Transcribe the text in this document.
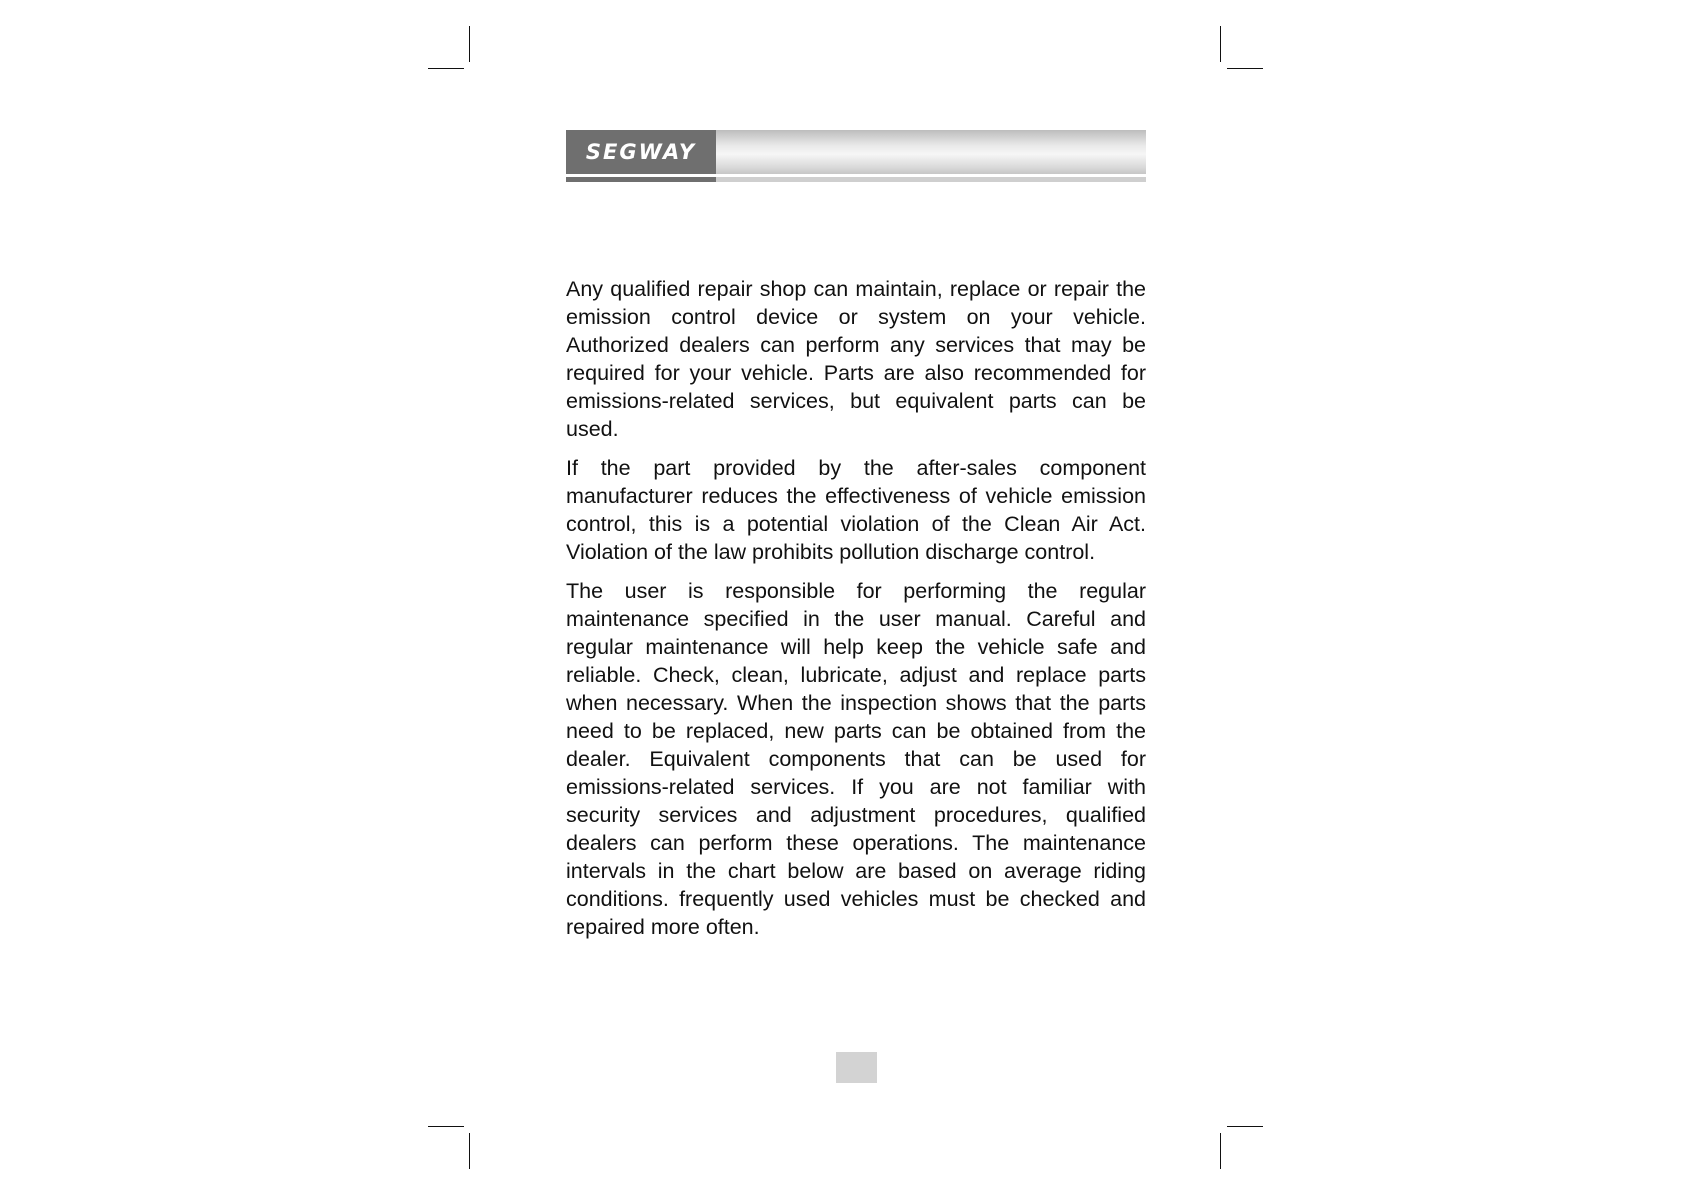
SEGWAY

Any qualified repair shop can maintain, replace or repair the emission control device or system on your vehicle. Authorized dealers can perform any services that may be required for your vehicle. Parts are also recommended for emissions-related services, but equivalent parts can be used.

If the part provided by the after-sales component manufacturer reduces the effectiveness of vehicle emission control, this is a potential violation of the Clean Air Act. Violation of the law prohibits pollution discharge control.

The user is responsible for performing the regular maintenance specified in the user manual. Careful and regular maintenance will help keep the vehicle safe and reliable. Check, clean, lubricate, adjust and replace parts when necessary. When the inspection shows that the parts need to be replaced, new parts can be obtained from the dealer. Equivalent components that can be used for emissions-related services. If you are not familiar with security services and adjustment procedures, qualified dealers can perform these operations. The maintenance intervals in the chart below are based on average riding conditions. frequently used vehicles must be checked and repaired more often.
